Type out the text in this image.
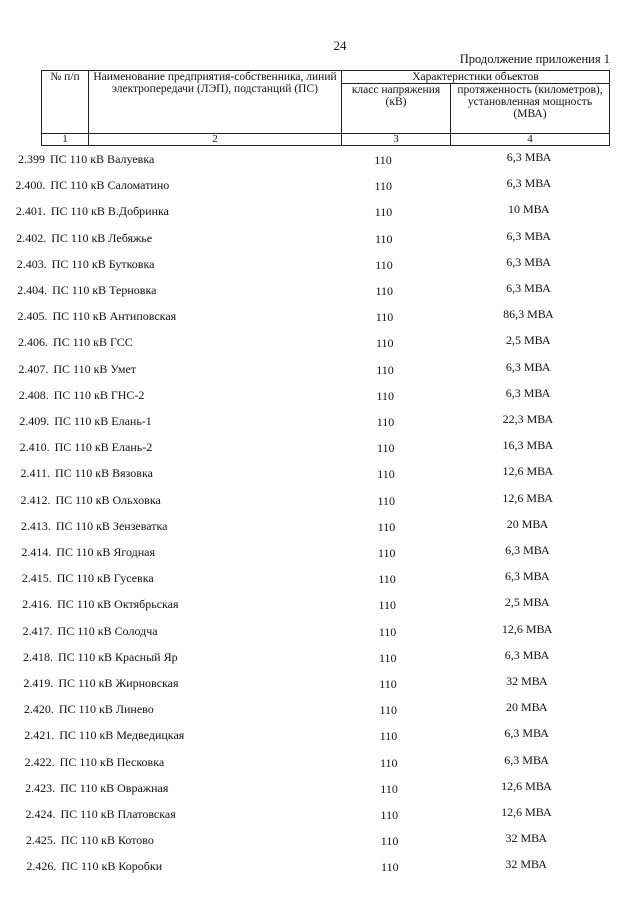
24
Продолжение приложения 1
№ п/п	Наименование предприятия-собственника, линий электропередачи (ЛЭП), подстанций (ПС)	Характеристики объектов	
		класс напряжения (кВ)	протяженность (километров), установленная мощность (МВА)
1	2	3	4
2.399 ПС 110 кВ Валуевка	110	6,3 МВА
2.400. ПС 110 кВ Саломатино	110	6,3 МВА
2.401. ПС 110 кВ В.Добринка	110	10 МВА
2.402. ПС 110 кВ Лебяжье	110	6,3 МВА
2.403. ПС 110 кВ Бутковка	110	6,3 МВА
2.404. ПС 110 кВ Терновка	110	6,3 МВА
2.405. ПС 110 кВ Антиповская	110	86,3 МВА
2.406. ПС 110 кВ ГСС	110	2,5 МВА
2.407. ПС 110 кВ Умет	110	6,3 МВА
2.408. ПС 110 кВ ГНС-2	110	6,3 МВА
2.409. ПС 110 кВ Елань-1	110	22,3 МВА
2.410. ПС 110 кВ Елань-2	110	16,3 МВА
2.411. ПС 110 кВ Вязовка	110	12,6 МВА
2.412. ПС 110 кВ Ольховка	110	12,6 МВА
2.413. ПС 110 кВ Зензеватка	110	20 МВА
2.414. ПС 110 кВ Ягодная	110	6,3 МВА
2.415. ПС 110 кВ Гусевка	110	6,3 МВА
2.416. ПС 110 кВ Октябрьская	110	2,5 МВА
2.417. ПС 110 кВ Солодча	110	12,6 МВА
2.418. ПС 110 кВ Красный Яр	110	6,3 МВА
2.419. ПС 110 кВ Жирновская	110	32 МВА
2.420. ПС 110 кВ Линево	110	20 МВА
2.421. ПС 110 кВ Медведицкая	110	6,3 МВА
2.422. ПС 110 кВ Песковка	110	6,3 МВА
2.423. ПС 110 кВ Овражная	110	12,6 МВА
2.424. ПС 110 кВ Платовская	110	12,6 МВА
2.425. ПС 110 кВ Котово	110	32 МВА
2.426. ПС 110 кВ Коробки	110	32 МВА
